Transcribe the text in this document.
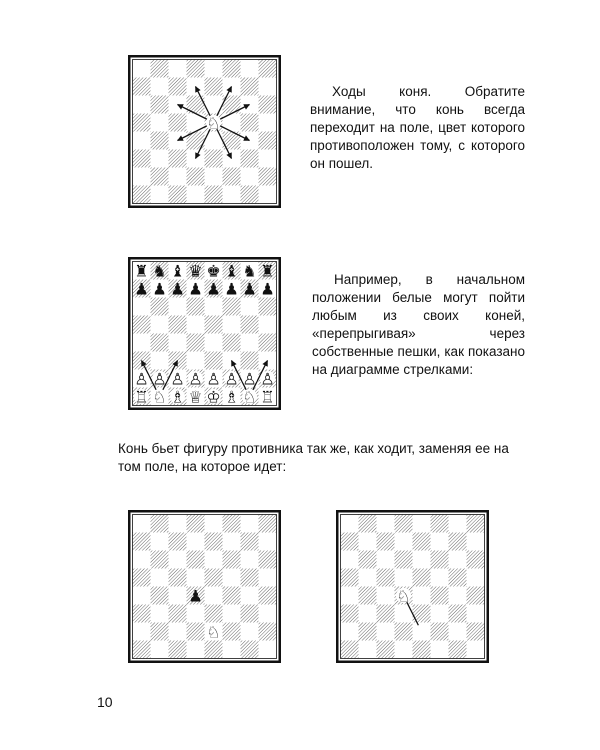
♘

Ходы коня. Обратите внимание, что конь всегда переходит на поле, цвет которого противоположен тому, с которого он пошел.

♜ ♞ ♝ ♛ ♚ ♝ ♞ ♜
♟ ♟ ♟ ♟ ♟ ♟ ♟ ♟
♙ ♙ ♙ ♙ ♙ ♙ ♙ ♙
♖ ♘ ♗ ♕ ♔ ♗ ♘ ♖

Например, в начальном положении белые могут пойти любым из своих коней, «перепрыгивая» через собственные пешки, как показано на диаграмме стрелками:

Конь бьет фигуру противника так же, как ходит, заменяя ее на том поле, на которое идет:

♟
♘
♘
10
